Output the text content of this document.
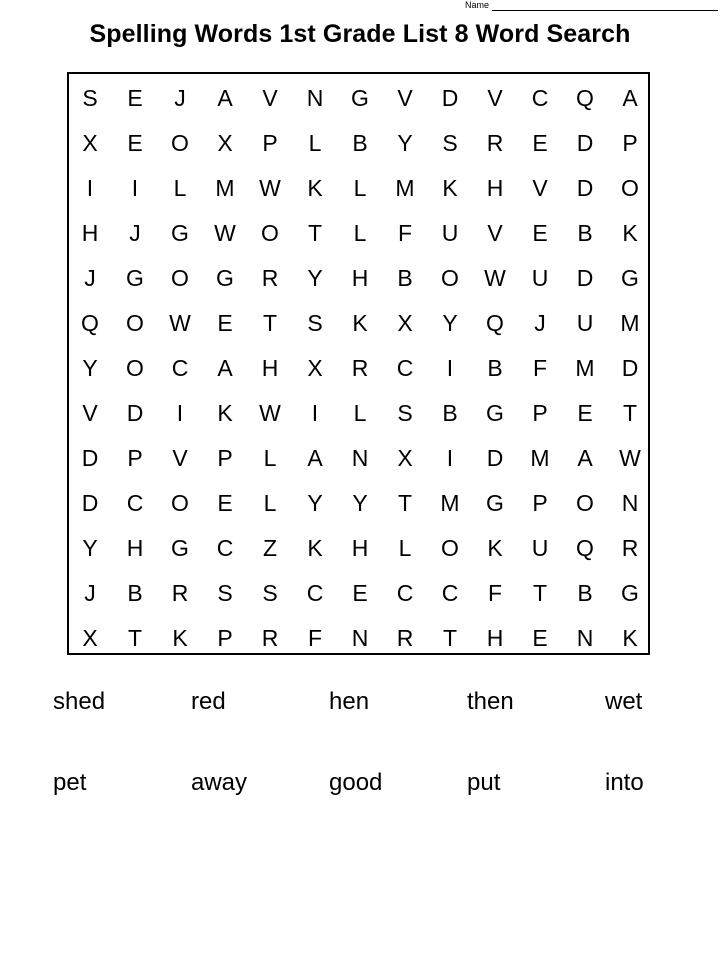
Name
Spelling Words 1st Grade List 8 Word Search
S	E	J	A	V	N	G	V	D	V	C	Q	A
X	E	O	X	P	L	B	Y	S	R	E	D	P
I	I	L	M	W	K	L	M	K	H	V	D	O
H	J	G	W	O	T	L	F	U	V	E	B	K
J	G	O	G	R	Y	H	B	O	W	U	D	G
Q	O	W	E	T	S	K	X	Y	Q	J	U	M
Y	O	C	A	H	X	R	C	I	B	F	M	D
V	D	I	K	W	I	L	S	B	G	P	E	T
D	P	V	P	L	A	N	X	I	D	M	A	W
D	C	O	E	L	Y	Y	T	M	G	P	O	N
Y	H	G	C	Z	K	H	L	O	K	U	Q	R
J	B	R	S	S	C	E	C	C	F	T	B	G
X	T	K	P	R	F	N	R	T	H	E	N	K
shed	red	hen	then	wet
pet	away	good	put	into
